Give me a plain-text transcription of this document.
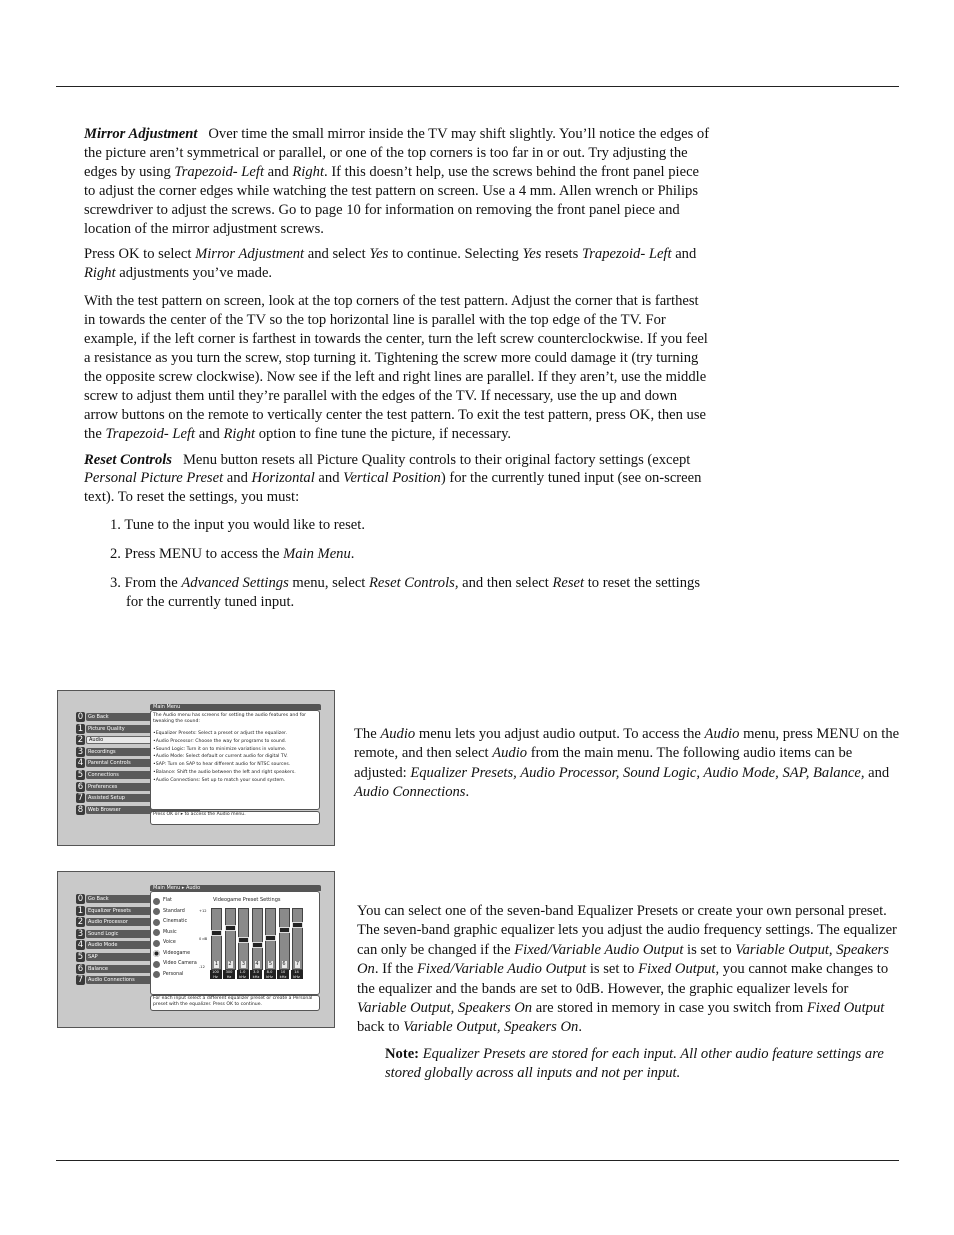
Mirror Adjustment Over time the small mirror inside the TV may shift slightly. You’ll notice the edges of the picture aren’t symmetrical or parallel, or one of the top corners is too far in or out. Try adjusting the edges by using Trapezoid- Left and Right. If this doesn’t help, use the screws behind the front panel piece to adjust the corner edges while watching the test pattern on screen. Use a 4 mm. Allen wrench or Philips screwdriver to adjust the screws. Go to page 10 for information on removing the front panel piece and location of the mirror adjustment screws.

Press OK to select Mirror Adjustment and select Yes to continue. Selecting Yes resets Trapezoid- Left and Right adjustments you’ve made.

With the test pattern on screen, look at the top corners of the test pattern. Adjust the corner that is farthest in towards the center of the TV so the top horizontal line is parallel with the top edge of the TV. For example, if the left corner is farthest in towards the center, turn the left screw counterclockwise. If you feel a resistance as you turn the screw, stop turning it. Tightening the screw more could damage it (try turning the opposite screw clockwise). Now see if the left and right lines are parallel. If they aren’t, use the middle screw to adjust them until they’re parallel with the edges of the TV. If necessary, use the up and down arrow buttons on the remote to vertically center the test pattern. To exit the test pattern, press OK, then use the Trapezoid- Left and Right option to fine tune the picture, if necessary.

Reset Controls Menu button resets all Picture Quality controls to their original factory settings (except Personal Picture Preset and Horizontal and Vertical Position) for the currently tuned input (see on-screen text). To reset the settings, you must:

1. Tune to the input you would like to reset.
2. Press MENU to access the Main Menu.
3. From the Advanced Settings menu, select Reset Controls, and then select Reset to reset the settings for the currently tuned input.
0 Go Back
1 Picture Quality
2	Audio
3 Recordings
4 Parental Controls
5 Connections
6 Preferences
7 Assisted Setup
8 Web Browser
Main Menu
The Audio menu has screens for setting the audio features and for tweaking the sound:
•Equalizer Presets: Select a preset or adjust the equalizer.
•Audio Processor: Choose the way for programs to sound.
•Sound Logic: Turn it on to minimize variations in volume.
•Audio Mode: Select default or current audio for digital TV.
•SAP: Turn on SAP to hear different audio for NTSC sources.
•Balance: Shift the audio between the left and right speakers.
•Audio Connections: Set up to match your sound system.
Press OK or ▸ to access the Audio menu.

The Audio menu lets you adjust audio output. To access the Audio menu, press MENU on the remote, and then select Audio from the main menu. The following audio items can be adjusted: Equalizer Presets, Audio Processor, Sound Logic, Audio Mode, SAP, Balance, and Audio Connections.

0 Go Back
1 Equalizer Presets
2 Audio Processor
3 Sound Logic
4 Audio Mode
5 SAP
6 Balance
7 Audio Connections
Main Menu ▸ Audio
Flat
Standard
Cinematic
Music
Voice
Videogame
Video Camera
Personal
Videogame Preset Settings
+12
0 dB
-12 1
100 Hz
2
300 Hz
3
1.0 kHz
4
3.0 kHz
5
8.0 kHz
6
10 kHz
7
14 kHz
For each input select a different equalizer preset or create a Personal preset with the equalizer. Press OK to continue.

You can select one of the seven-band Equalizer Presets or create your own personal preset. The seven-band graphic equalizer lets you adjust the audio frequency settings. The equalizer can only be changed if the Fixed/Variable Audio Output is set to Variable Output, Speakers On. If the Fixed/Variable Audio Output is set to Fixed Output, you cannot make changes to the equalizer and the bands are set to 0dB. However, the graphic equalizer levels for Variable Output, Speakers On are stored in memory in case you switch from Fixed Output back to Variable Output, Speakers On.

Note: Equalizer Presets are stored for each input. All other audio feature settings are stored globally across all inputs and not per input.
